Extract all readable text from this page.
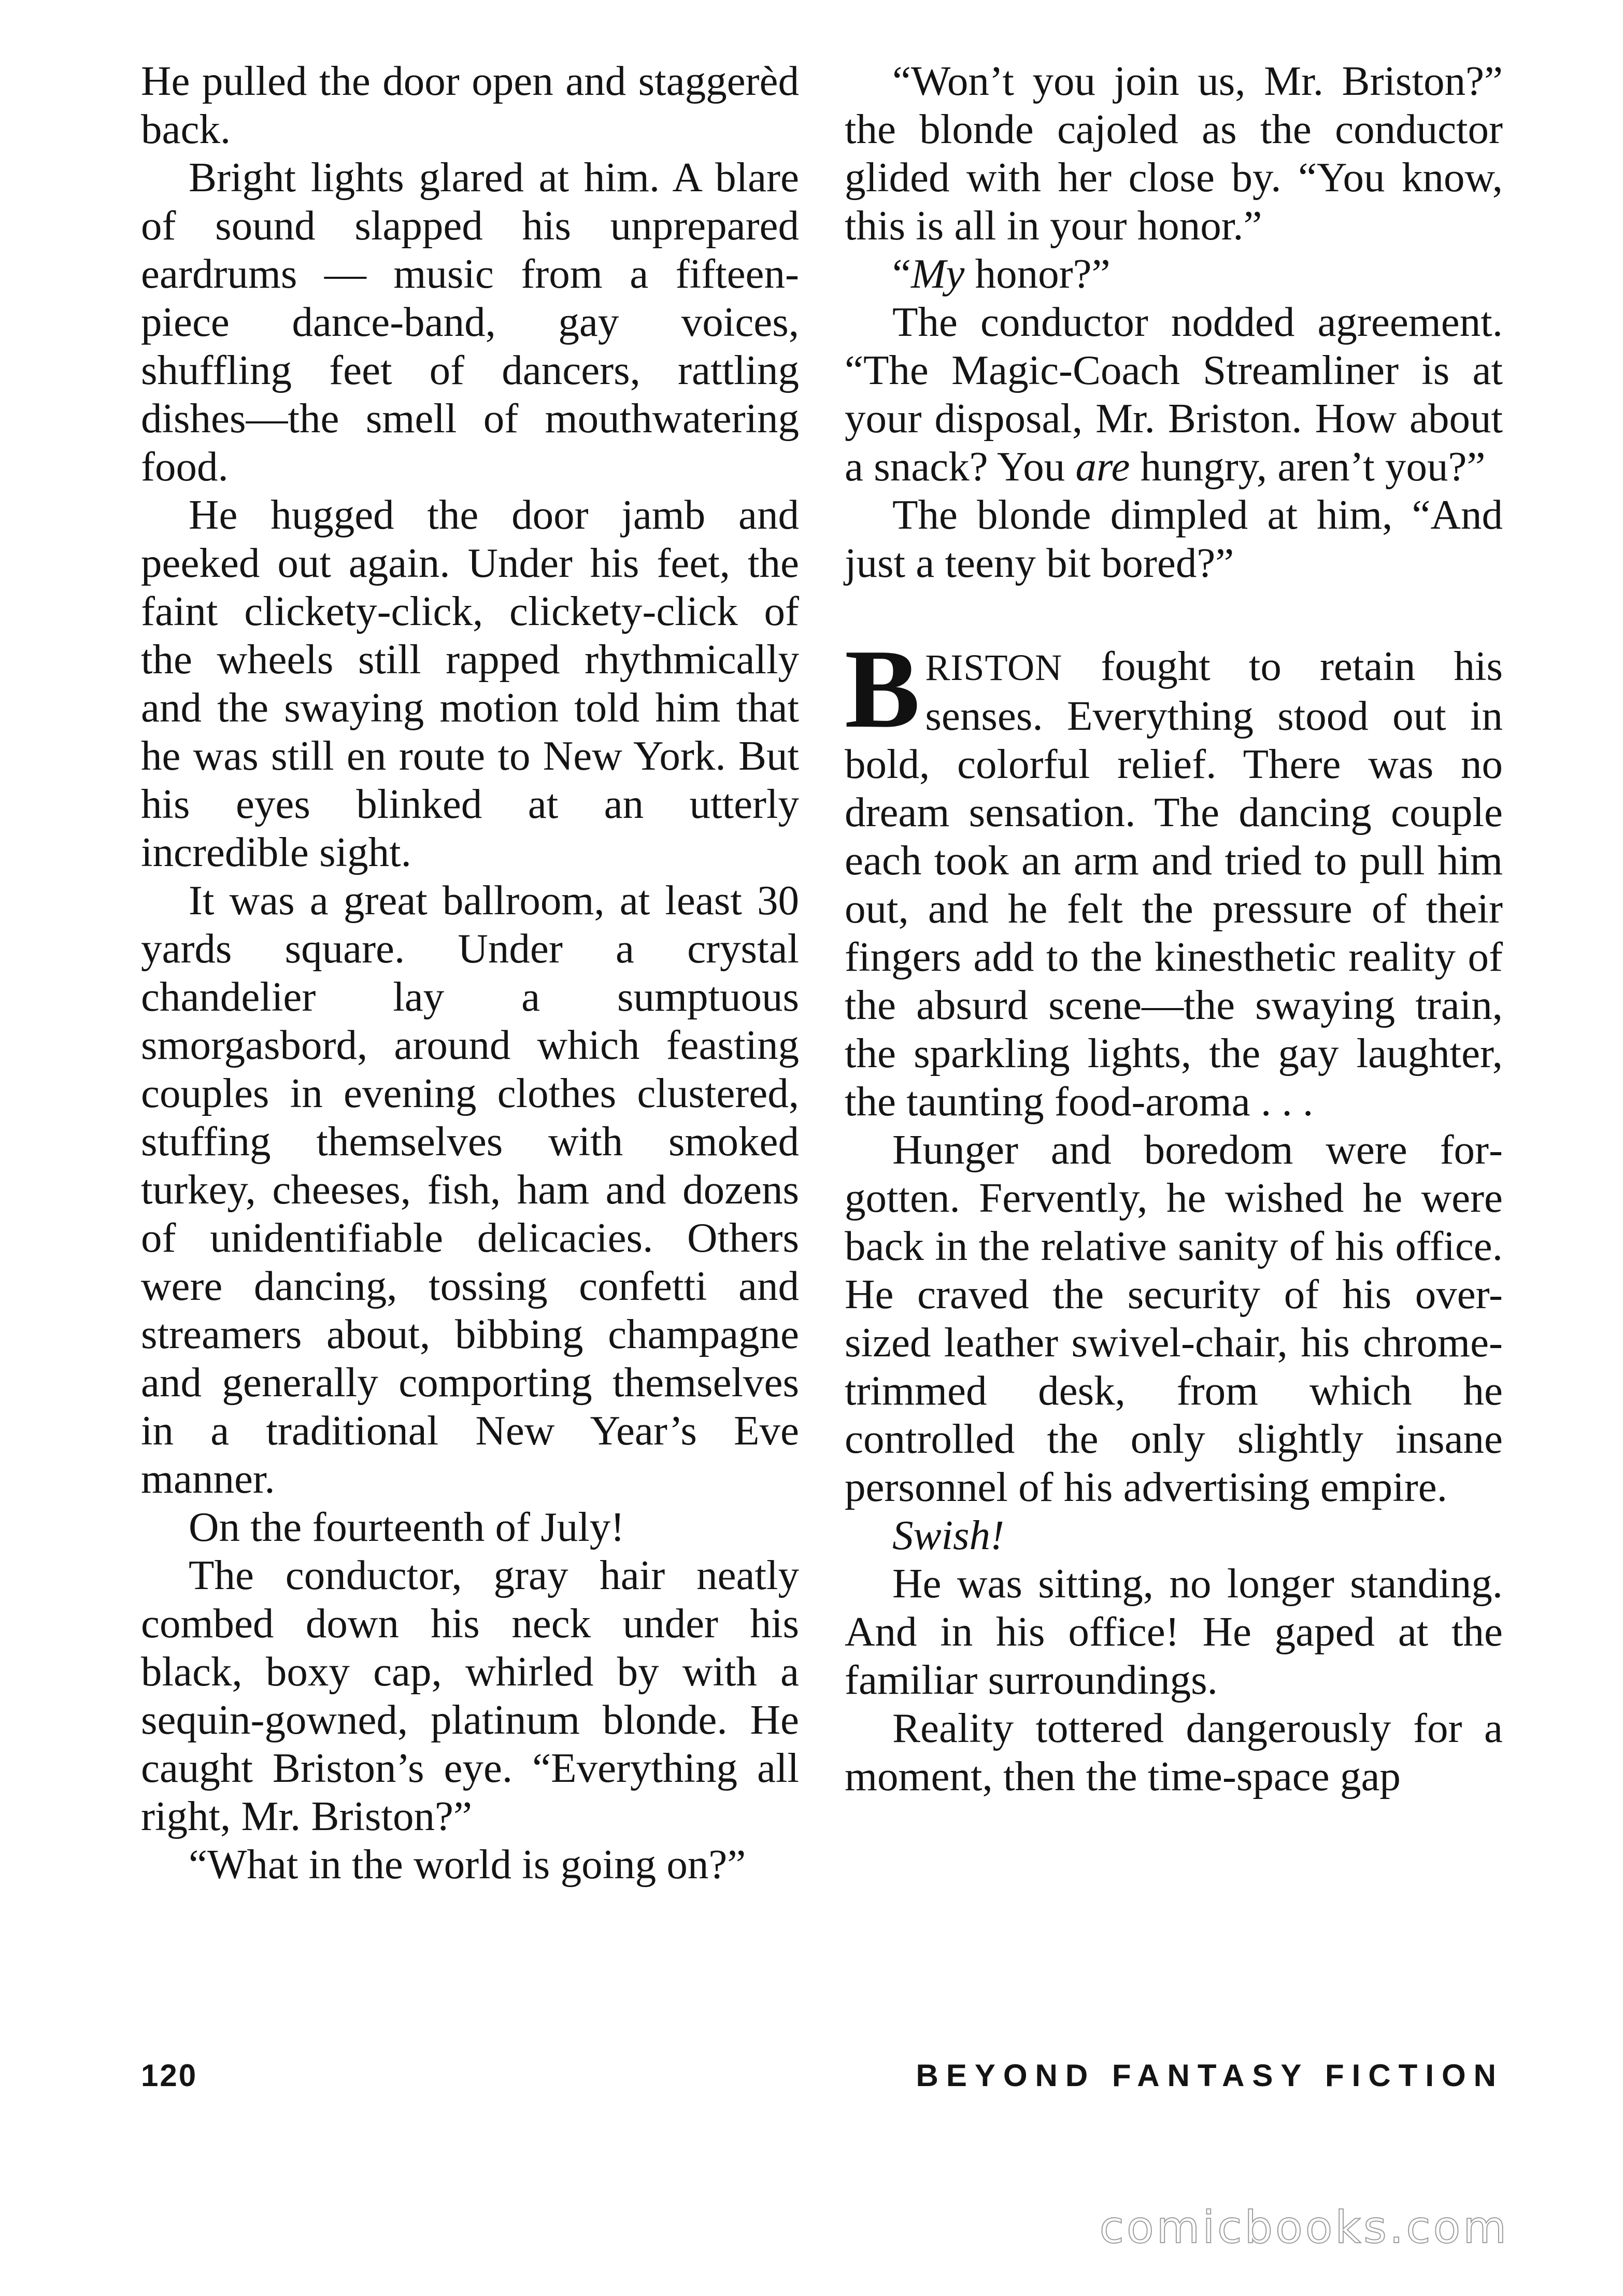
He pulled the door open and staggerèd back.

Bright lights glared at him. A blare of sound slapped his unprepared eardrums — music from a fifteen-piece dance-band, gay voices, shuffling feet of dancers, rattling dishes—the smell of mouthwatering food.

He hugged the door jamb and peeked out again. Under his feet, the faint clickety-click, clickety-click of the wheels still rapped rhythmically and the swaying motion told him that he was still en route to New York. But his eyes blinked at an utterly incredible sight.

It was a great ballroom, at least 30 yards square. Under a crystal chandelier lay a sumptuous smorgasbord, around which feasting couples in evening clothes clustered, stuffing themselves with smoked turkey, cheeses, fish, ham and dozens of unidentifiable delicacies. Others were dancing, tossing confetti and streamers about, bibbing champagne and generally comporting themselves in a traditional New Year’s Eve manner.

On the fourteenth of July!

The conductor, gray hair neatly combed down his neck under his black, boxy cap, whirled by with a sequin-gowned, platinum blonde. He caught Briston’s eye. “Everything all right, Mr. Briston?”

“What in the world is going on?”

“Won’t you join us, Mr. Briston?” the blonde cajoled as the conductor glided with her close by. “You know, this is all in your honor.”

“My honor?”

The conductor nodded agreement. “The Magic-Coach Streamliner is at your disposal, Mr. Briston. How about a snack? You are hungry, aren’t you?”

The blonde dimpled at him, “And just a teeny bit bored?”

BRISTON fought to retain his senses. Everything stood out in bold, colorful relief. There was no dream sensation. The dancing couple each took an arm and tried to pull him out, and he felt the pressure of their fingers add to the kinesthetic reality of the absurd scene—the swaying train, the sparkling lights, the gay laughter, the taunting food-aroma . . .

Hunger and boredom were forgotten. Fervently, he wished he were back in the relative sanity of his office. He craved the security of his over-sized leather swivel-chair, his chrome-trimmed desk, from which he controlled the only slightly insane personnel of his advertising empire.

Swish!

He was sitting, no longer standing. And in his office! He gaped at the familiar surroundings.

Reality tottered dangerously for a moment, then the time-space gap

120	BEYOND FANTASY FICTION
comicbooks.com
